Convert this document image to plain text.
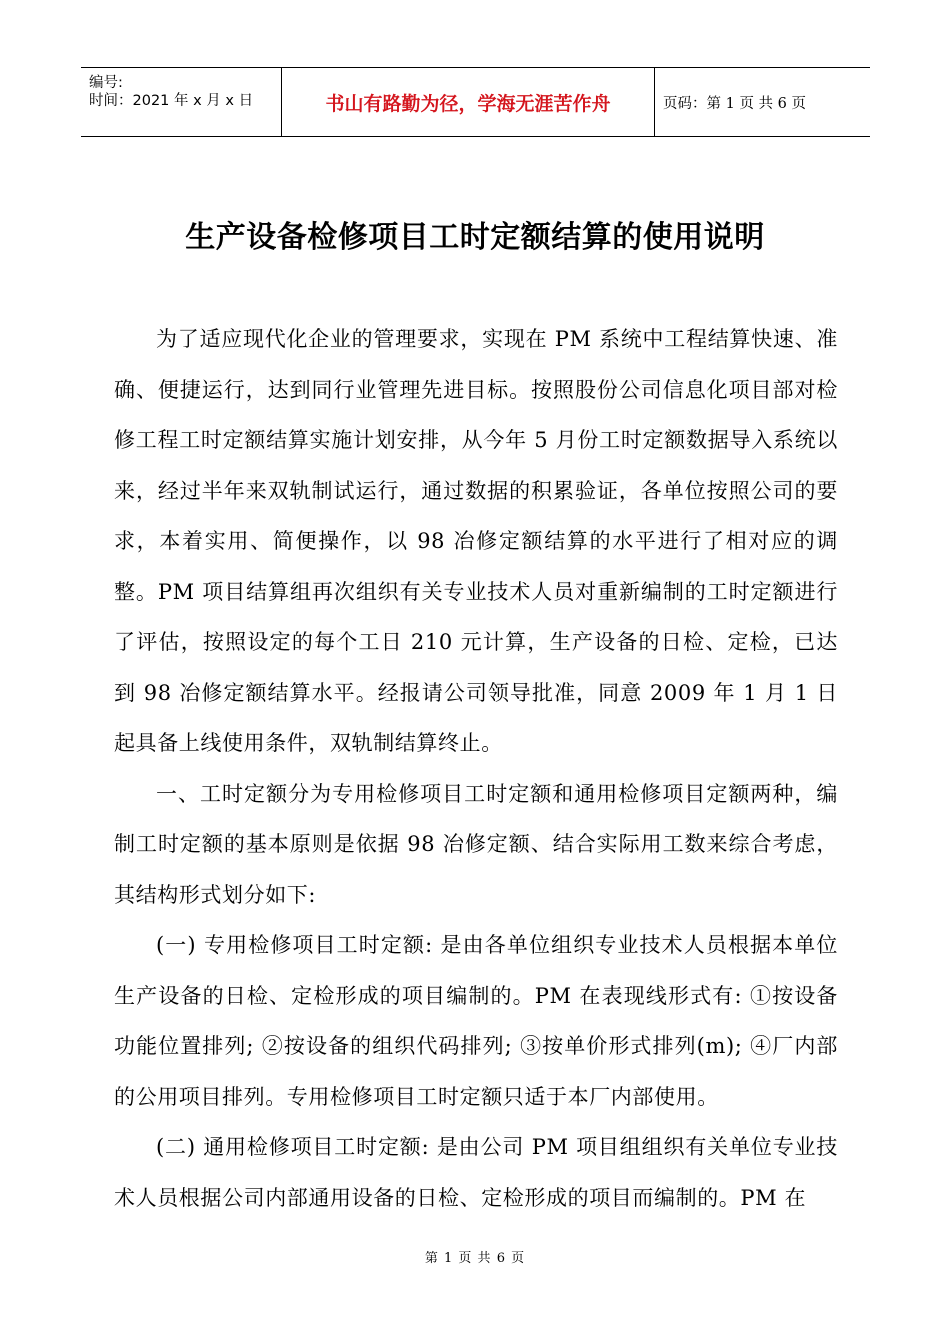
编号:
时间：2021 年 x 月 x 日	书山有路勤为径，学海无涯苦作舟	页码：第 1 页 共 6 页
生产设备检修项目工时定额结算的使用说明

为了适应现代化企业的管理要求，实现在 PM 系统中工程结算快速、准确、便捷运行，达到同行业管理先进目标。按照股份公司信息化项目部对检修工程工时定额结算实施计划安排，从今年 5 月份工时定额数据导入系统以来，经过半年来双轨制试运行，通过数据的积累验证，各单位按照公司的要求，本着实用、简便操作，以 98 冶修定额结算的水平进行了相对应的调整。PM 项目结算组再次组织有关专业技术人员对重新编制的工时定额进行了评估，按照设定的每个工日 210 元计算，生产设备的日检、定检，已达到 98 冶修定额结算水平。经报请公司领导批准，同意 2009 年 1 月 1 日起具备上线使用条件，双轨制结算终止。

一、工时定额分为专用检修项目工时定额和通用检修项目定额两种，编制工时定额的基本原则是依据 98 冶修定额、结合实际用工数来综合考虑，其结构形式划分如下:

(一) 专用检修项目工时定额: 是由各单位组织专业技术人员根据本单位生产设备的日检、定检形成的项目编制的。PM 在表现线形式有: ①按设备功能位置排列; ②按设备的组织代码排列; ③按单价形式排列(m); ④厂内部的公用项目排列。专用检修项目工时定额只适于本厂内部使用。

(二) 通用检修项目工时定额: 是由公司 PM 项目组组织有关单位专业技术人员根据公司内部通用设备的日检、定检形成的项目而编制的。PM 在

第 1 页 共 6 页
